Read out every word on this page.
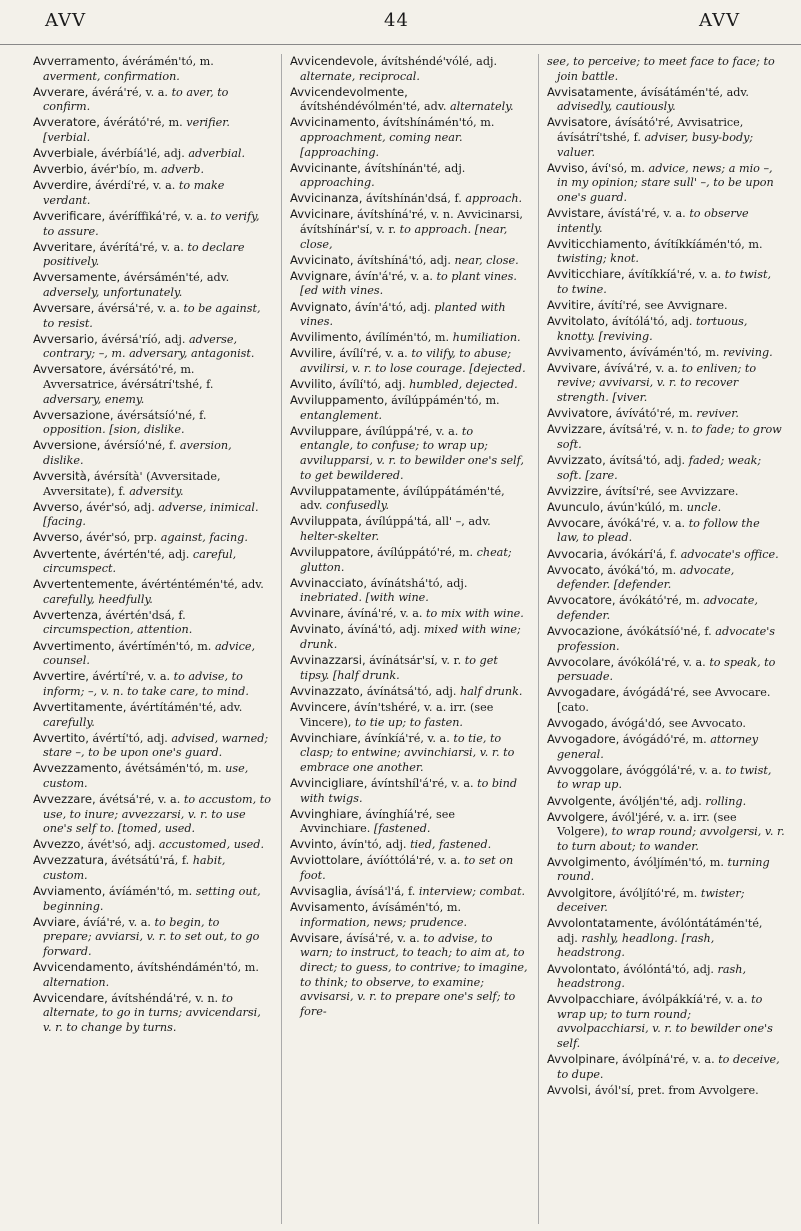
AVV	44	AVV

Avverramento, ávérámén'tó, m. averment, confirmation.

Avverare, ávérá'ré, v. a. to aver, to confirm.

Avveratore, ávérátó'ré, m. verifier. [verbial.

Avverbiale, ávérbíá'lé, adj. adverbial.

Avverbio, ávér'bío, m. adverb.

Avverdire, ávérdí'ré, v. a. to make verdant.

Avverificare, ávéríffiká'ré, v. a. to verify, to assure.

Avveritare, ávérítá'ré, v. a. to declare positively.

Avversamente, ávérsámén'té, adv. adversely, unfortunately.

Avversare, ávérsá'ré, v. a. to be against, to resist.

Avversario, ávérsá'ríó, adj. adverse, contrary; –, m. adversary, antagonist.

Avversatore, ávérsátó'ré, m. Avversatrice, ávérsátrí'tshé, f. adversary, enemy.

Avversazione, ávérsátsíó'né, f. opposition. [sion, dislike.

Avversione, ávérsíó'né, f. aversion, dislike.

Avversità, ávérsítà' (Avversitade, Avversitate), f. adversity.

Avverso, ávér'só, adj. adverse, inimical. [facing.

Avverso, ávér'só, prp. against, facing.

Avvertente, ávértén'té, adj. careful, circumspect.

Avvertentemente, ávérténtémén'té, adv. carefully, heedfully.

Avvertenza, ávértén'dsá, f. circumspection, attention.

Avvertimento, ávértímén'tó, m. advice, counsel.

Avvertire, ávértí'ré, v. a. to advise, to inform; –, v. n. to take care, to mind.

Avvertitamente, ávértítámén'té, adv. carefully.

Avvertito, ávértí'tó, adj. advised, warned; stare –, to be upon one's guard.

Avvezzamento, ávétsámén'tó, m. use, custom.

Avvezzare, ávétsá'ré, v. a. to accustom, to use, to inure; avvezzarsi, v. r. to use one's self to. [tomed, used.

Avvezzo, ávét'só, adj. accustomed, used.

Avvezzatura, ávétsátú'rá, f. habit, custom.

Avviamento, ávíámén'tó, m. setting out, beginning.

Avviare, ávíá'ré, v. a. to begin, to prepare; avviarsi, v. r. to set out, to go forward.

Avvicendamento, ávítshéndámén'tó, m. alternation.

Avvicendare, ávítshéndá'ré, v. n. to alternate, to go in turns; avvicendarsi, v. r. to change by turns.

Avvicendevole, ávítshéndé'vólé, adj. alternate, reciprocal.

Avvicendevolmente, ávítshéndévólmén'té, adv. alternately.

Avvicinamento, ávítshínámén'tó, m. approachment, coming near. [approaching.

Avvicinante, ávítshínán'té, adj. approaching.

Avvicinanza, ávítshínán'dsá, f. approach.

Avvicinare, ávítshíná'ré, v. n. Avvicinarsi, ávítshínár'sí, v. r. to approach. [near, close,

Avvicinato, ávítshíná'tó, adj. near, close.

Avvignare, ávín'á'ré, v. a. to plant vines. [ed with vines.

Avvignato, ávín'á'tó, adj. planted with vines.

Avvilimento, ávílímén'tó, m. humiliation.

Avvilire, ávílí'ré, v. a. to vilify, to abuse; avvilirsi, v. r. to lose courage. [dejected.

Avvilito, ávílí'tó, adj. humbled, dejected.

Avviluppamento, ávílúppámén'tó, m. entanglement.

Avviluppare, ávílúppá'ré, v. a. to entangle, to confuse; to wrap up; avvilupparsi, v. r. to bewilder one's self, to get bewildered.

Avviluppatamente, ávílúppátámén'té, adv. confusedly.

Avviluppata, ávílúppá'tá, all' –, adv. helter-skelter.

Avviluppatore, ávílúppátó'ré, m. cheat; glutton.

Avvinacciato, ávínátshá'tó, adj. inebriated. [with wine.

Avvinare, ávíná'ré, v. a. to mix with wine.

Avvinato, ávíná'tó, adj. mixed with wine; drunk.

Avvinazzarsi, ávínátsár'sí, v. r. to get tipsy. [half drunk.

Avvinazzato, ávínátsá'tó, adj. half drunk.

Avvincere, ávín'tshéré, v. a. irr. (see Vincere), to tie up; to fasten.

Avvinchiare, ávínkíá'ré, v. a. to tie, to clasp; to entwine; avvinchiarsi, v. r. to embrace one another.

Avvincigliare, ávíntshíl'á'ré, v. a. to bind with twigs.

Avvinghiare, ávínghíá'ré, see Avvinchiare. [fastened.

Avvinto, ávín'tó, adj. tied, fastened.

Avviottolare, ávíóttólá'ré, v. a. to set on foot.

Avvisaglia, ávísá'l'á, f. interview; combat.

Avvisamento, ávísámén'tó, m. information, news; prudence.

Avvisare, ávísá'ré, v. a. to advise, to warn; to instruct, to teach; to aim at, to direct; to guess, to contrive; to imagine, to think; to observe, to examine; avvisarsi, v. r. to prepare one's self; to fore-

see, to perceive; to meet face to face; to join battle.

Avvisatamente, ávísátámén'té, adv. advisedly, cautiously.

Avvisatore, ávísátó'ré, Avvisatrice, ávísátrí'tshé, f. adviser, busy-body; valuer.

Avviso, áví'só, m. advice, news; a mio –, in my opinion; stare sull' –, to be upon one's guard.

Avvistare, ávístá'ré, v. a. to observe intently.

Avviticchiamento, ávítíkkíámén'tó, m. twisting; knot.

Avviticchiare, ávítíkkíá'ré, v. a. to twist, to twine.

Avvitire, ávítí'ré, see Avvignare.

Avvitolato, ávítólá'tó, adj. tortuous, knotty. [reviving.

Avvivamento, ávívámén'tó, m. reviving.

Avvivare, ávívá'ré, v. a. to enliven; to revive; avvivarsi, v. r. to recover strength. [viver.

Avvivatore, ávívátó'ré, m. reviver.

Avvizzare, ávítsá'ré, v. n. to fade; to grow soft.

Avvizzato, ávítsá'tó, adj. faded; weak; soft. [zare.

Avvizzire, ávítsí'ré, see Avvizzare.

Avunculo, ávún'kúló, m. uncle.

Avvocare, ávóká'ré, v. a. to follow the law, to plead.

Avvocaria, ávókárí'á, f. advocate's office.

Avvocato, ávóká'tó, m. advocate, defender. [defender.

Avvocatore, ávókátó'ré, m. advocate, defender.

Avvocazione, ávókátsíó'né, f. advocate's profession.

Avvocolare, ávókólá'ré, v. a. to speak, to persuade.

Avvogadare, ávógádá'ré, see Avvocare. [cato.

Avvogado, ávógá'dó, see Avvocato.

Avvogadore, ávógádó'ré, m. attorney general.

Avvoggolare, ávóggólá'ré, v. a. to twist, to wrap up.

Avvolgente, ávóljén'té, adj. rolling.

Avvolgere, ávól'jéré, v. a. irr. (see Volgere), to wrap round; avvolgersi, v. r. to turn about; to wander.

Avvolgimento, ávóljímén'tó, m. turning round.

Avvolgitore, ávóljító'ré, m. twister; deceiver.

Avvolontatamente, ávólóntátámén'té, adj. rashly, headlong. [rash, headstrong.

Avvolontato, ávólóntá'tó, adj. rash, headstrong.

Avvolpacchiare, ávólpákkíá'ré, v. a. to wrap up; to turn round; avvolpacchiarsi, v. r. to bewilder one's self.

Avvolpinare, ávólpíná'ré, v. a. to deceive, to dupe.

Avvolsi, ávól'sí, pret. from Avvolgere.
